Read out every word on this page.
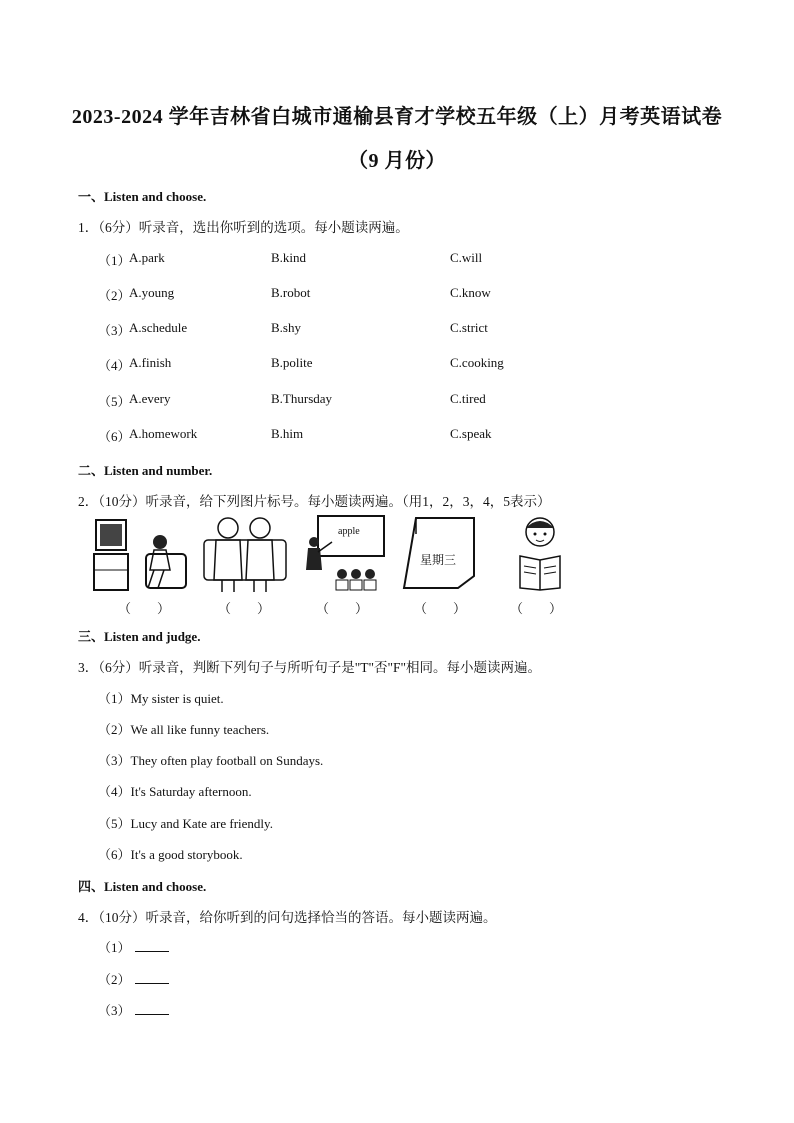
2023-2024 学年吉林省白城市通榆县育才学校五年级（上）月考英语试卷
（9 月份）
一、Listen and choose.
1．（6分）听录音，选出你听到的选项。每小题读两遍。
（1）
A.park	B.kind	C.will
（2）
A.young	B.robot	C.know
（3）
A.schedule	B.shy	C.strict
（4）
A.finish	B.polite	C.cooking
（5）
A.every	B.Thursday	C.tired
（6）
A.homework	B.him	C.speak
二、Listen and number.
2．（10分）听录音，给下列图片标号。每小题读两遍。（用1，2，3，4，5表示）
（　　）	（　　）
apple
（　　）
星期三
（　　）	（　　）
三、Listen and judge.
3．（6分）听录音，判断下列句子与所听句子是"T"否"F"相同。每小题读两遍。
（1）My sister is quiet.
（2）We all like funny teachers.
（3）They often play football on Sundays.
（4）It's Saturday afternoon.
（5）Lucy and Kate are friendly.
（6）It's a good storybook.
四、Listen and choose.
4．（10分）听录音，给你听到的问句选择恰当的答语。每小题读两遍。
（1）
（2）
（3）
